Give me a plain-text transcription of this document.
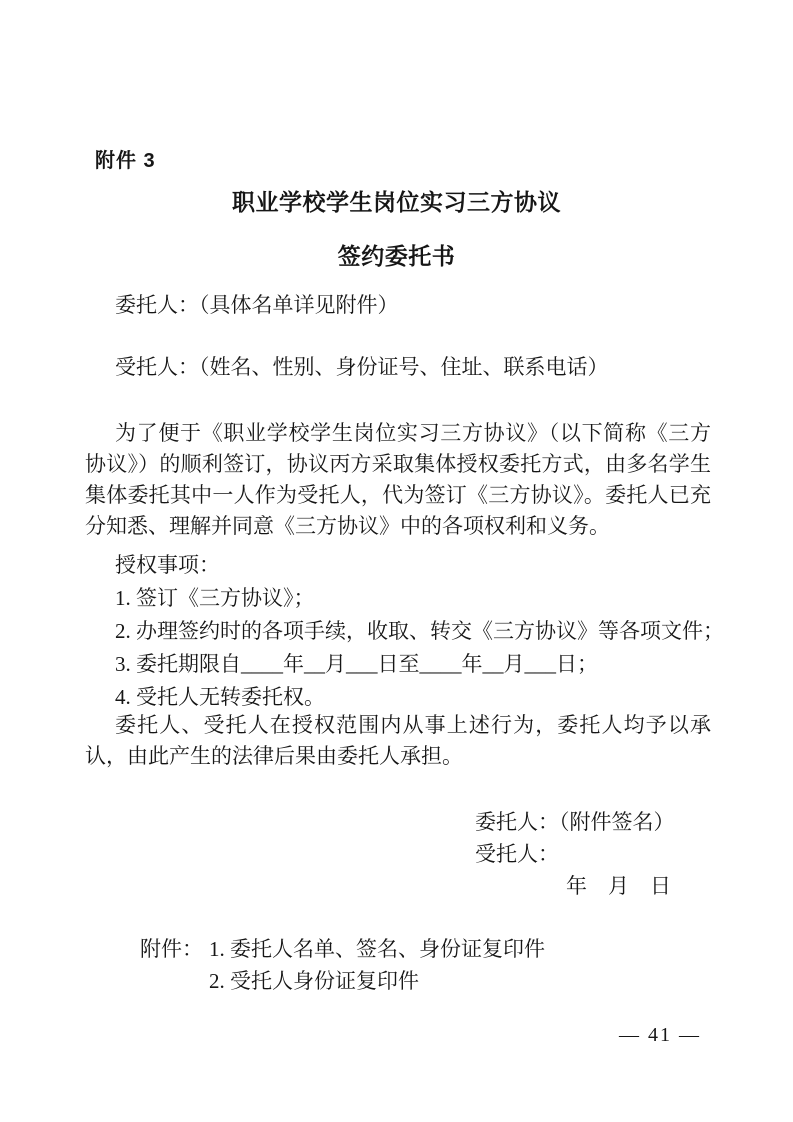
附件 3
职业学校学生岗位实习三方协议
签约委托书
委托人：（具体名单详见附件）
受托人：（姓名、性别、身份证号、住址、联系电话）
为了便于《职业学校学生岗位实习三方协议》（以下简称《三方协议》）的顺利签订，协议丙方采取集体授权委托方式，由多名学生集体委托其中一人作为受托人，代为签订《三方协议》。委托人已充分知悉、理解并同意《三方协议》中的各项权利和义务。
授权事项：
1. 签订《三方协议》；
2. 办理签约时的各项手续，收取、转交《三方协议》等各项文件；
3. 委托期限自____年__月___日至____年__月___日；
4. 受托人无转委托权。
委托人、受托人在授权范围内从事上述行为，委托人均予以承认，由此产生的法律后果由委托人承担。
委托人：（附件签名）
受托人：
年　月　日
附件： 1. 委托人名单、签名、身份证复印件
2. 受托人身份证复印件
— 41 —
